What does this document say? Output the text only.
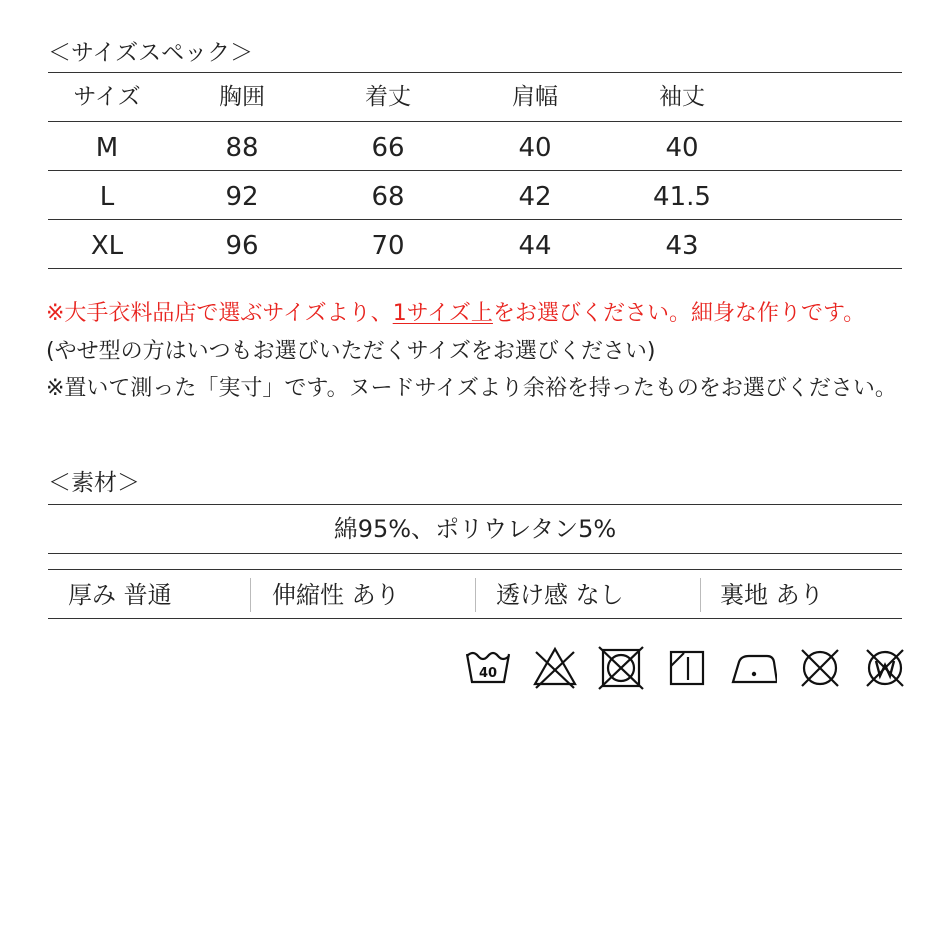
＜サイズスペック＞
サイズ	胸囲	着丈	肩幅	袖丈
M	88	66	40	40
L	92	68	42	41.5
XL	96	70	44	43
※大手衣料品店で選ぶサイズより、1サイズ上をお選びください。細身な作りです。
(やせ型の方はいつもお選びいただくサイズをお選びください)
※置いて測った「実寸」です。ヌードサイズより余裕を持ったものをお選びください。
＜素材＞
綿95%、ポリウレタン5%
厚み 普通	伸縮性 あり	透け感 なし	裏地 あり
40
